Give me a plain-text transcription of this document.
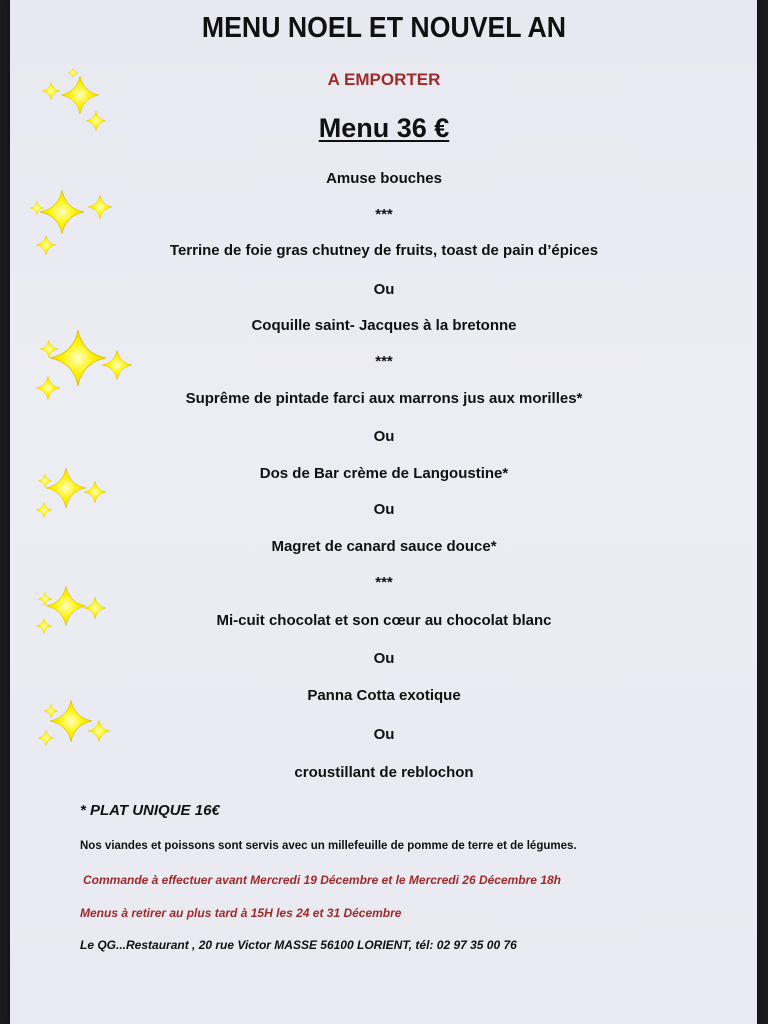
MENU NOEL ET NOUVEL AN
A EMPORTER
Menu 36 €
Amuse bouches
***
Terrine de foie gras chutney de fruits, toast de pain d’épices
Ou
Coquille saint- Jacques à la bretonne
***
Suprême de pintade farci aux marrons jus aux morilles*
Ou
Dos de Bar crème de Langoustine*
Ou
Magret de canard sauce douce*
***
Mi-cuit chocolat et son cœur au chocolat blanc
Ou
Panna Cotta exotique
Ou
croustillant de reblochon
* PLAT UNIQUE 16€
Nos viandes et poissons sont servis avec un millefeuille de pomme de terre et de légumes.
Commande à effectuer avant Mercredi 19 Décembre et le Mercredi 26 Décembre 18h
Menus à retirer au plus tard à 15H les 24 et 31 Décembre
Le QG...Restaurant , 20 rue Victor MASSE 56100 LORIENT, tél: 02 97 35 00 76
